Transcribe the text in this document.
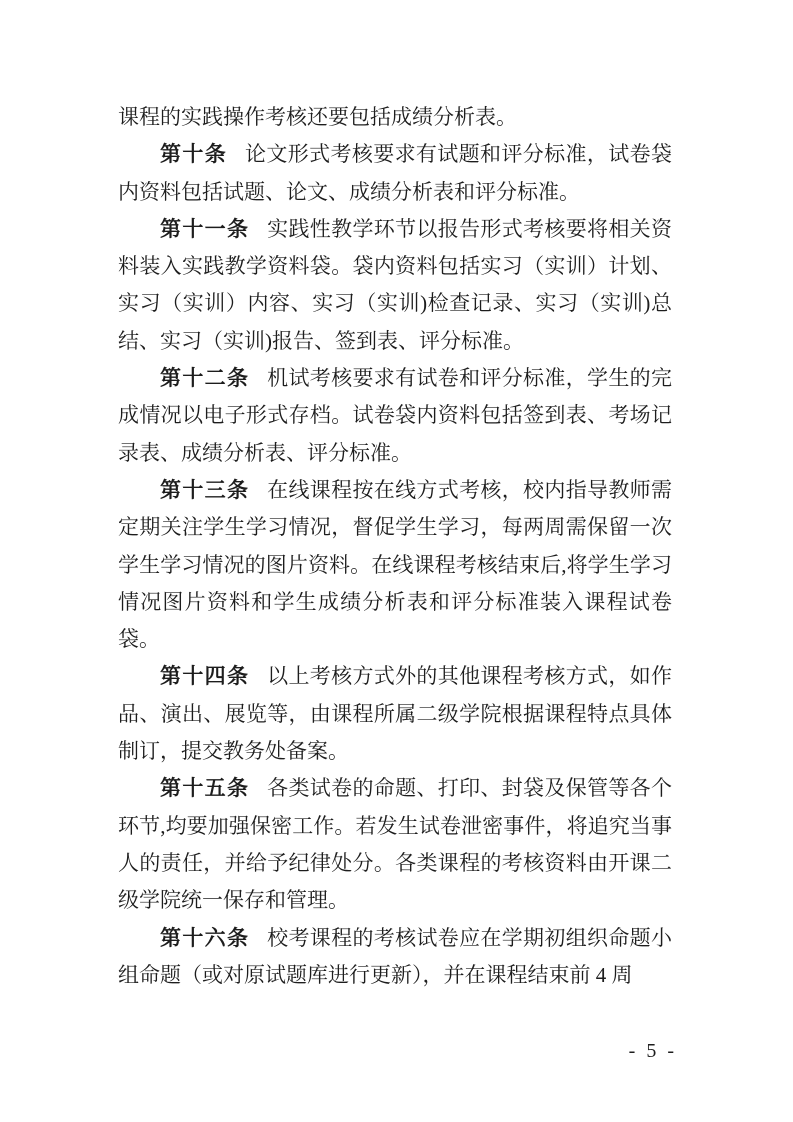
课程的实践操作考核还要包括成绩分析表。

第十条 论文形式考核要求有试题和评分标准，试卷袋内资料包括试题、论文、成绩分析表和评分标准。

第十一条 实践性教学环节以报告形式考核要将相关资料装入实践教学资料袋。袋内资料包括实习（实训）计划、实习（实训）内容、实习（实训)检查记录、实习（实训)总结、实习（实训)报告、签到表、评分标准。

第十二条 机试考核要求有试卷和评分标准，学生的完成情况以电子形式存档。试卷袋内资料包括签到表、考场记录表、成绩分析表、评分标准。

第十三条 在线课程按在线方式考核，校内指导教师需定期关注学生学习情况，督促学生学习，每两周需保留一次学生学习情况的图片资料。在线课程考核结束后,将学生学习情况图片资料和学生成绩分析表和评分标准装入课程试卷袋。

第十四条 以上考核方式外的其他课程考核方式，如作品、演出、展览等，由课程所属二级学院根据课程特点具体制订，提交教务处备案。

第十五条 各类试卷的命题、打印、封袋及保管等各个环节,均要加强保密工作。若发生试卷泄密事件，将追究当事人的责任，并给予纪律处分。各类课程的考核资料由开课二级学院统一保存和管理。

第十六条 校考课程的考核试卷应在学期初组织命题小组命题（或对原试题库进行更新），并在课程结束前 4 周

- 5 -
